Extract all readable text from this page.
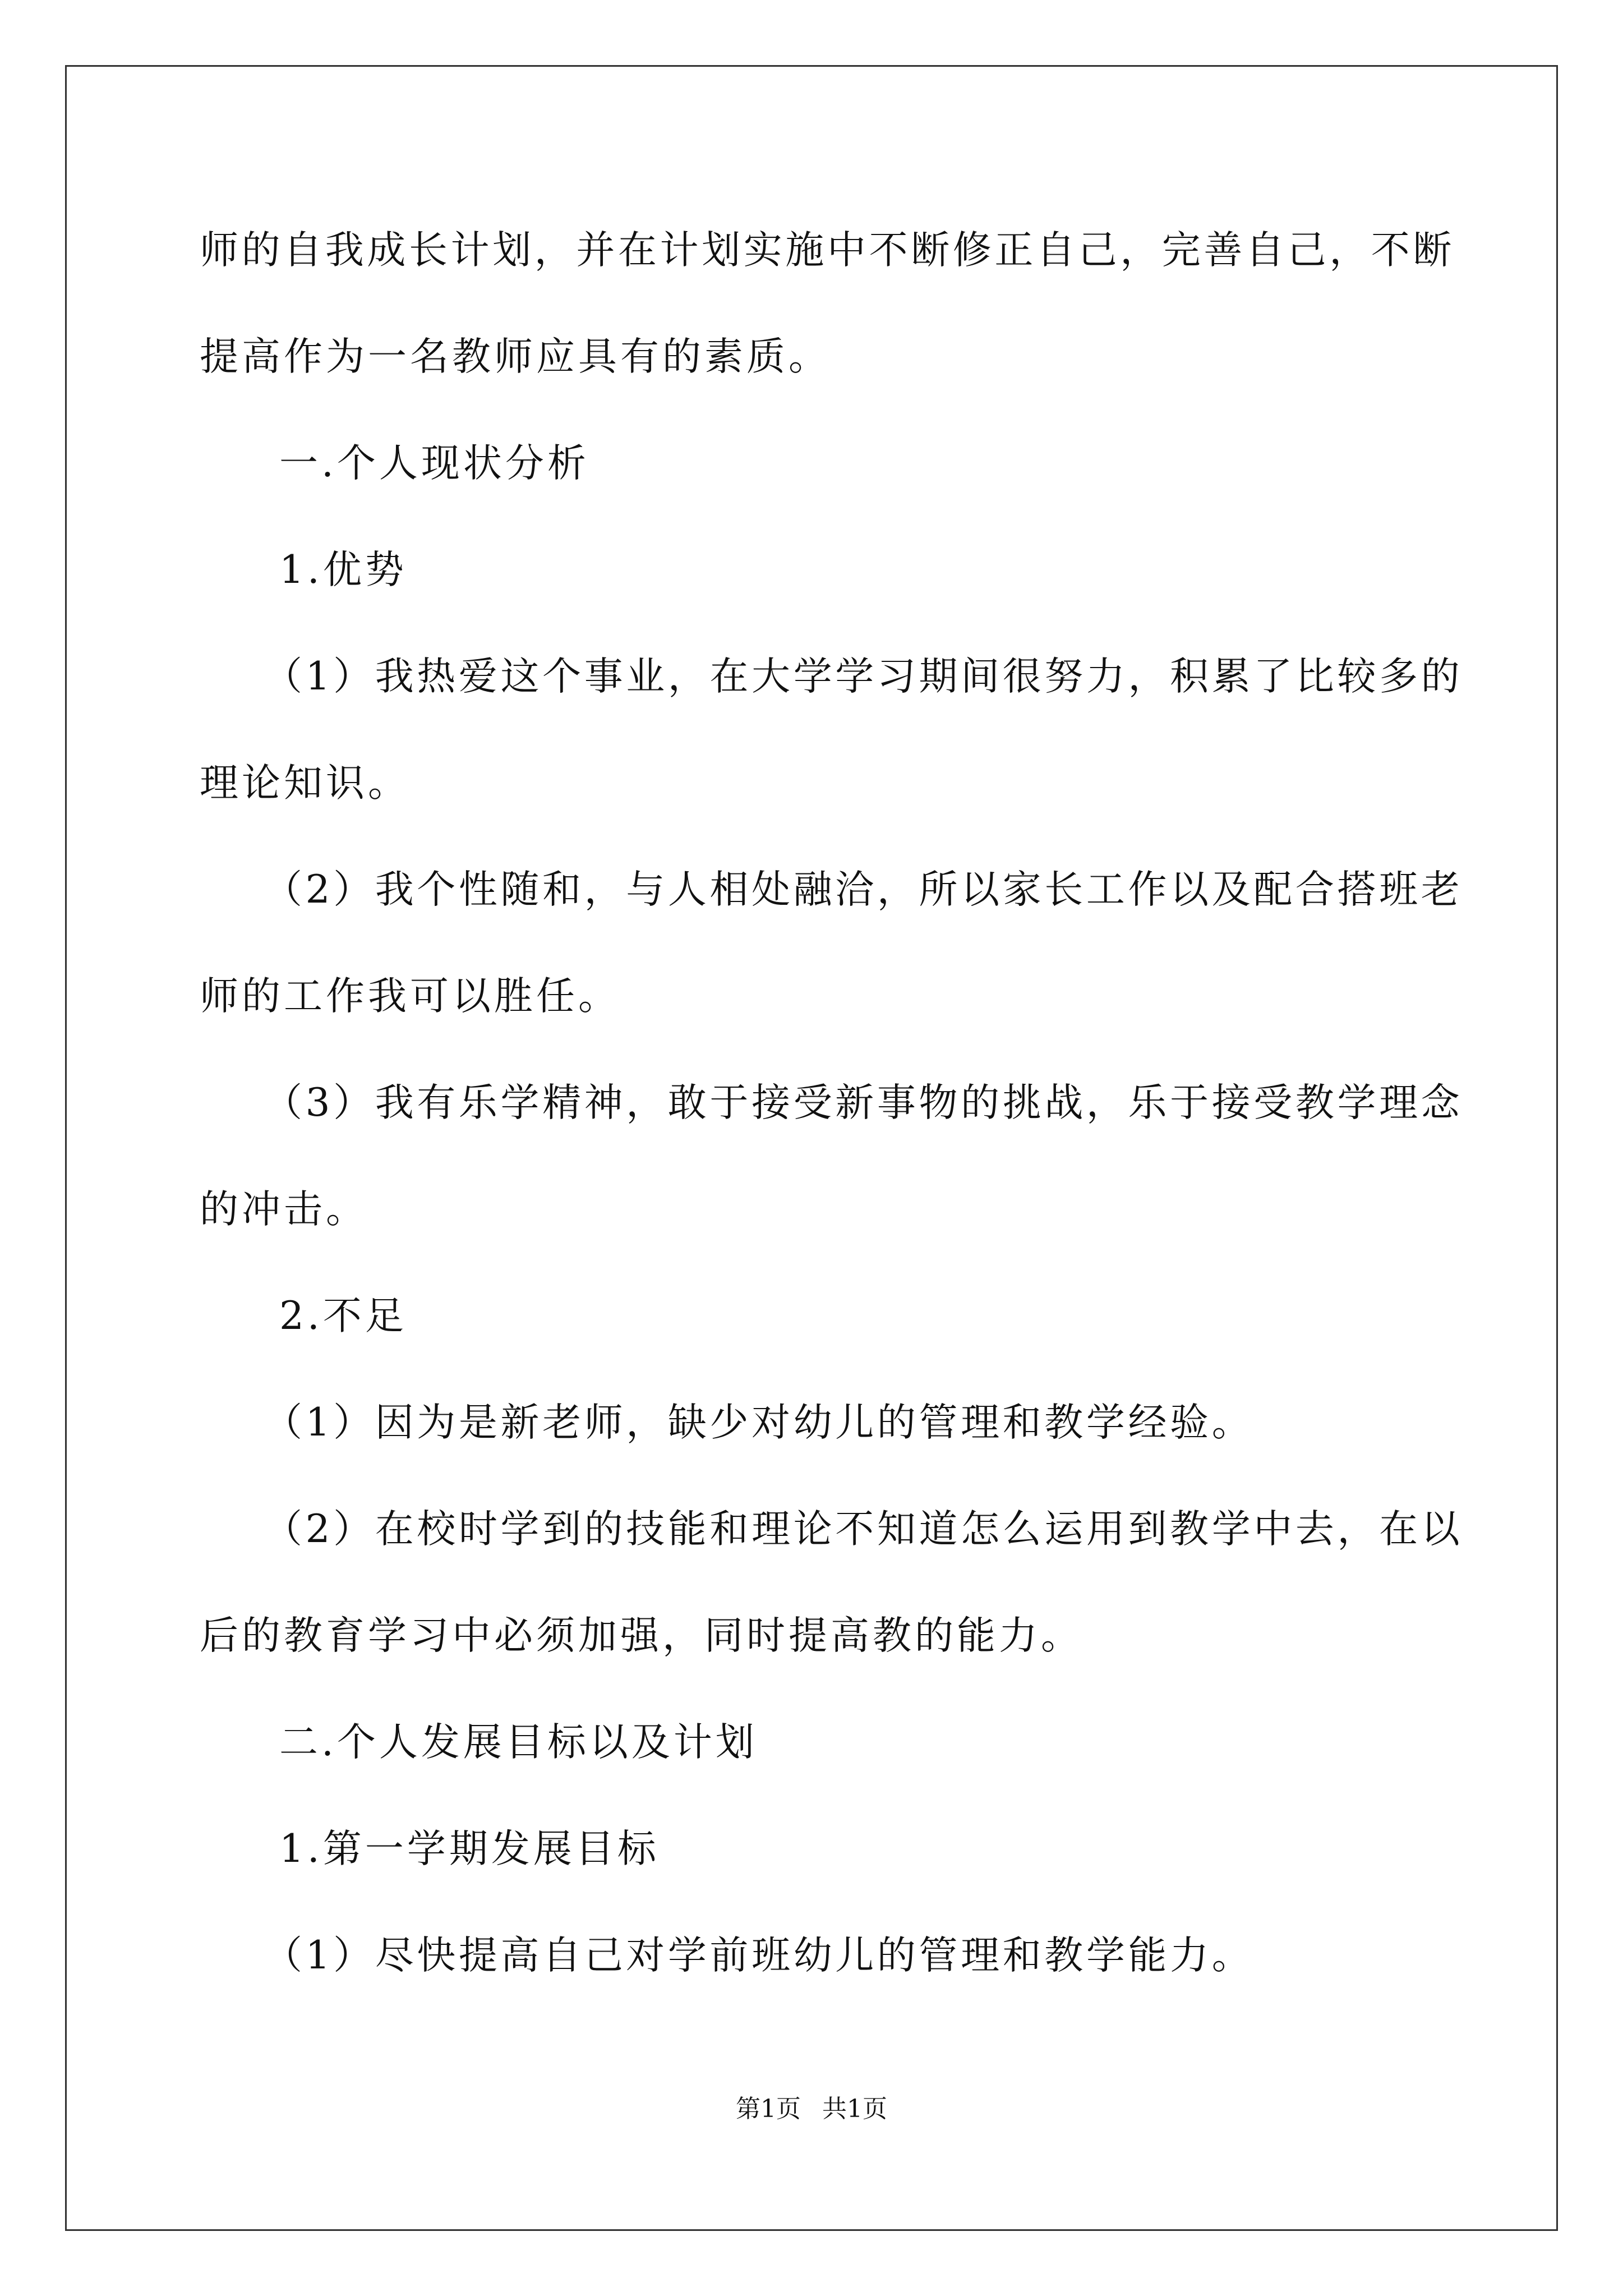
师的自我成长计划，并在计划实施中不断修正自己，完善自己，不断

提高作为一名教师应具有的素质。

一.个人现状分析

1.优势

（1）我热爱这个事业，在大学学习期间很努力，积累了比较多的

理论知识。

（2）我个性随和，与人相处融洽，所以家长工作以及配合搭班老

师的工作我可以胜任。

（3）我有乐学精神，敢于接受新事物的挑战，乐于接受教学理念

的冲击。

2.不足

（1）因为是新老师，缺少对幼儿的管理和教学经验。

（2）在校时学到的技能和理论不知道怎么运用到教学中去，在以

后的教育学习中必须加强，同时提高教的能力。

二.个人发展目标以及计划

1.第一学期发展目标

（1）尽快提高自己对学前班幼儿的管理和教学能力。

第1页 共1页
